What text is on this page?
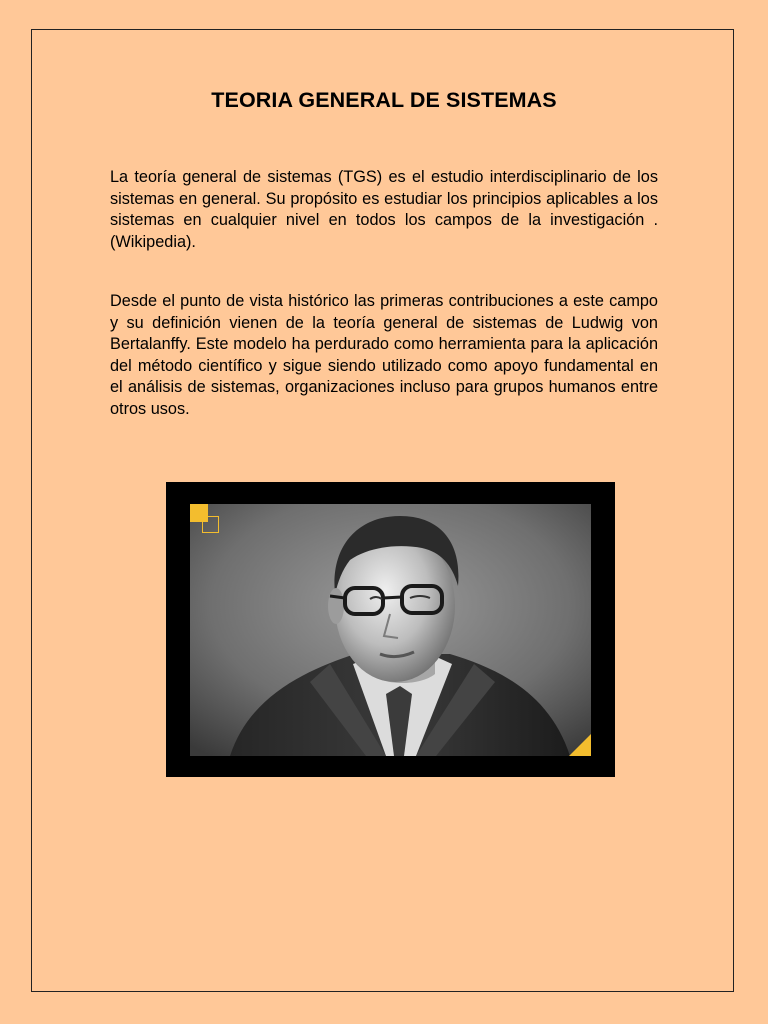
TEORIA GENERAL DE SISTEMAS

La teoría general de sistemas (TGS) es el estudio interdisciplinario de los sistemas en general. Su propósito es estudiar los principios aplicables a los sistemas en cualquier nivel en todos los campos de la investigación . (Wikipedia).

Desde el punto de vista histórico las primeras contribuciones a este campo y su definición vienen de la teoría general de sistemas de Ludwig von Bertalanffy. Este modelo ha perdurado como herramienta para la aplicación del método científico y sigue siendo utilizado como apoyo fundamental en el análisis de sistemas, organizaciones incluso para grupos humanos entre otros usos.
